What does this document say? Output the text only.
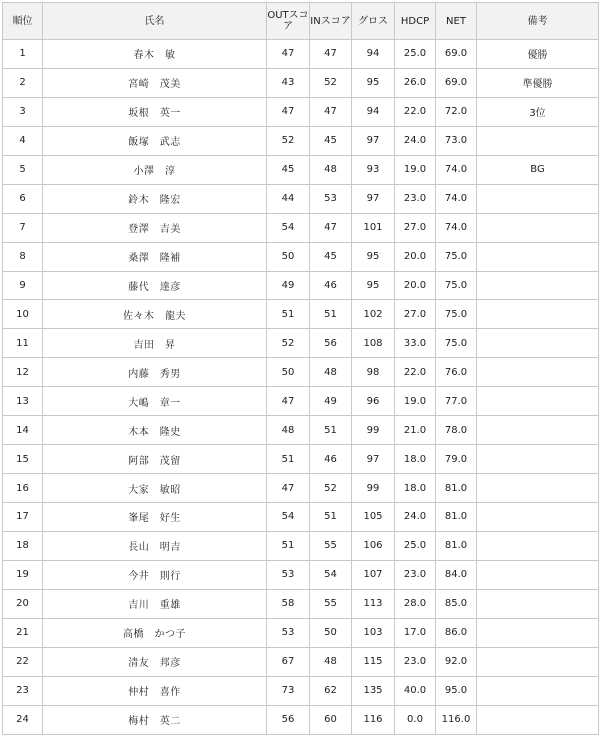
順位	氏名	OUTスコア	INスコア	グロス	HDCP	NET	備考
1	春木　敏	47	47	94	25.0	69.0	優勝
2	宮崎　茂美	43	52	95	26.0	69.0	準優勝
3	坂根　英一	47	47	94	22.0	72.0	3位
4	飯塚　武志	52	45	97	24.0	73.0	
5	小澤　淳	45	48	93	19.0	74.0	BG
6	鈴木　隆宏	44	53	97	23.0	74.0	
7	登澤　吉美	54	47	101	27.0	74.0	
8	桑澤　隆補	50	45	95	20.0	75.0	
9	藤代　達彦	49	46	95	20.0	75.0	
10	佐々木　龍夫	51	51	102	27.0	75.0	
11	吉田　昇	52	56	108	33.0	75.0	
12	内藤　秀男	50	48	98	22.0	76.0	
13	大嶋　章一	47	49	96	19.0	77.0	
14	木本　隆史	48	51	99	21.0	78.0	
15	阿部　茂留	51	46	97	18.0	79.0	
16	大家　敏昭	47	52	99	18.0	81.0	
17	峯尾　好生	54	51	105	24.0	81.0	
18	長山　明吉	51	55	106	25.0	81.0	
19	今井　則行	53	54	107	23.0	84.0	
20	吉川　重雄	58	55	113	28.0	85.0	
21	高橋　かつ子	53	50	103	17.0	86.0	
22	清友　邦彦	67	48	115	23.0	92.0	
23	仲村　喜作	73	62	135	40.0	95.0	
24	梅村　英二	56	60	116	0.0	116.0	
